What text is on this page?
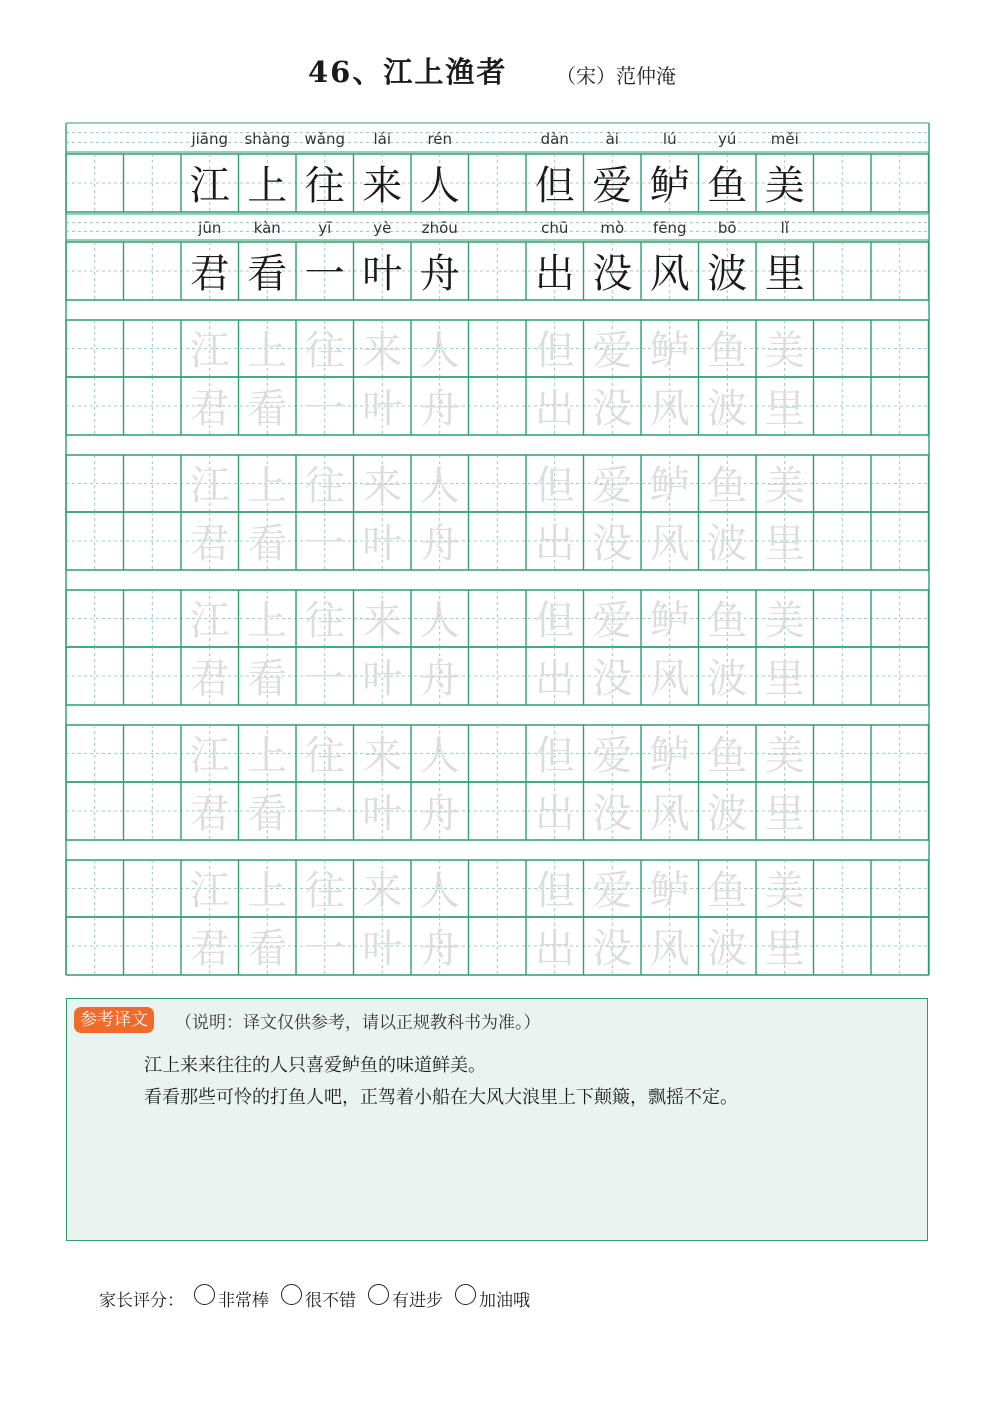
46、江上渔者 （宋）范仲淹
jiāng
江
jūn
君
shàng
上
kàn
看
wǎng
往
yī
一
lái
来
yè
叶
rén
人
zhōu
舟
dàn
但
chū
出
ài
爱
mò
没
lú
鲈
fēng
风
yú
鱼
bō
波
měi
美
lǐ
里
江
君
上
看
往
一
来
叶
人
舟
但
出
爱
没
鲈
风
鱼
波
美
里
江
君
上
看
往
一
来
叶
人
舟
但
出
爱
没
鲈
风
鱼
波
美
里
江
君
上
看
往
一
来
叶
人
舟
但
出
爱
没
鲈
风
鱼
波
美
里
江
君
上
看
往
一
来
叶
人
舟
但
出
爱
没
鲈
风
鱼
波
美
里
江
君
上
看
往
一
来
叶
人
舟
但
出
爱
没
鲈
风
鱼
波
美
里
参考译文	（说明：译文仅供参考，请以正规教科书为准。）
江上来来往往的人只喜爱鲈鱼的味道鲜美。
看看那些可怜的打鱼人吧，正驾着小船在大风大浪里上下颠簸，飘摇不定。
家长评分： 非常棒 很不错 有进步 加油哦
